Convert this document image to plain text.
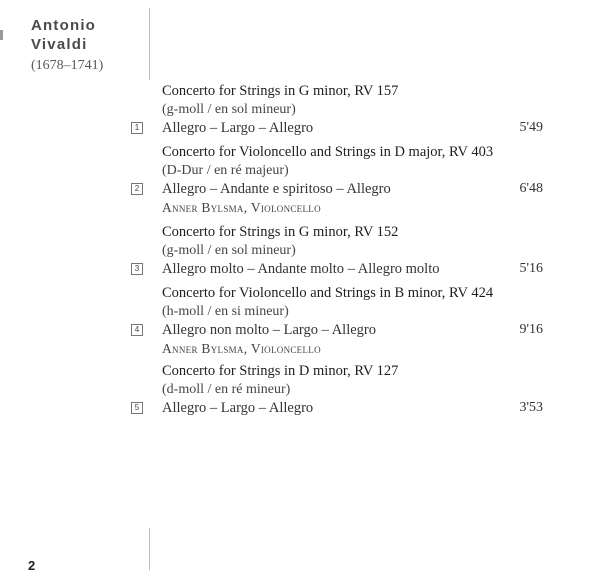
Antonio
Vivaldi
(1678–1741)
Concerto for Strings in G minor, RV 157
(g-moll / en sol mineur)
1 Allegro – Largo – Allegro	5'49
Concerto for Violoncello and Strings in D major, RV 403
(D-Dur / en ré majeur)
2 Allegro – Andante e spiritoso – Allegro	6'48
Anner Bylsma, Violoncello
Concerto for Strings in G minor, RV 152
(g-moll / en sol mineur)
3 Allegro molto – Andante molto – Allegro molto	5'16
Concerto for Violoncello and Strings in B minor, RV 424
(h-moll / en si mineur)
4 Allegro non molto – Largo – Allegro	9'16
Anner Bylsma, Violoncello
Concerto for Strings in D minor, RV 127
(d-moll / en ré mineur)
5 Allegro – Largo – Allegro	3'53
2
